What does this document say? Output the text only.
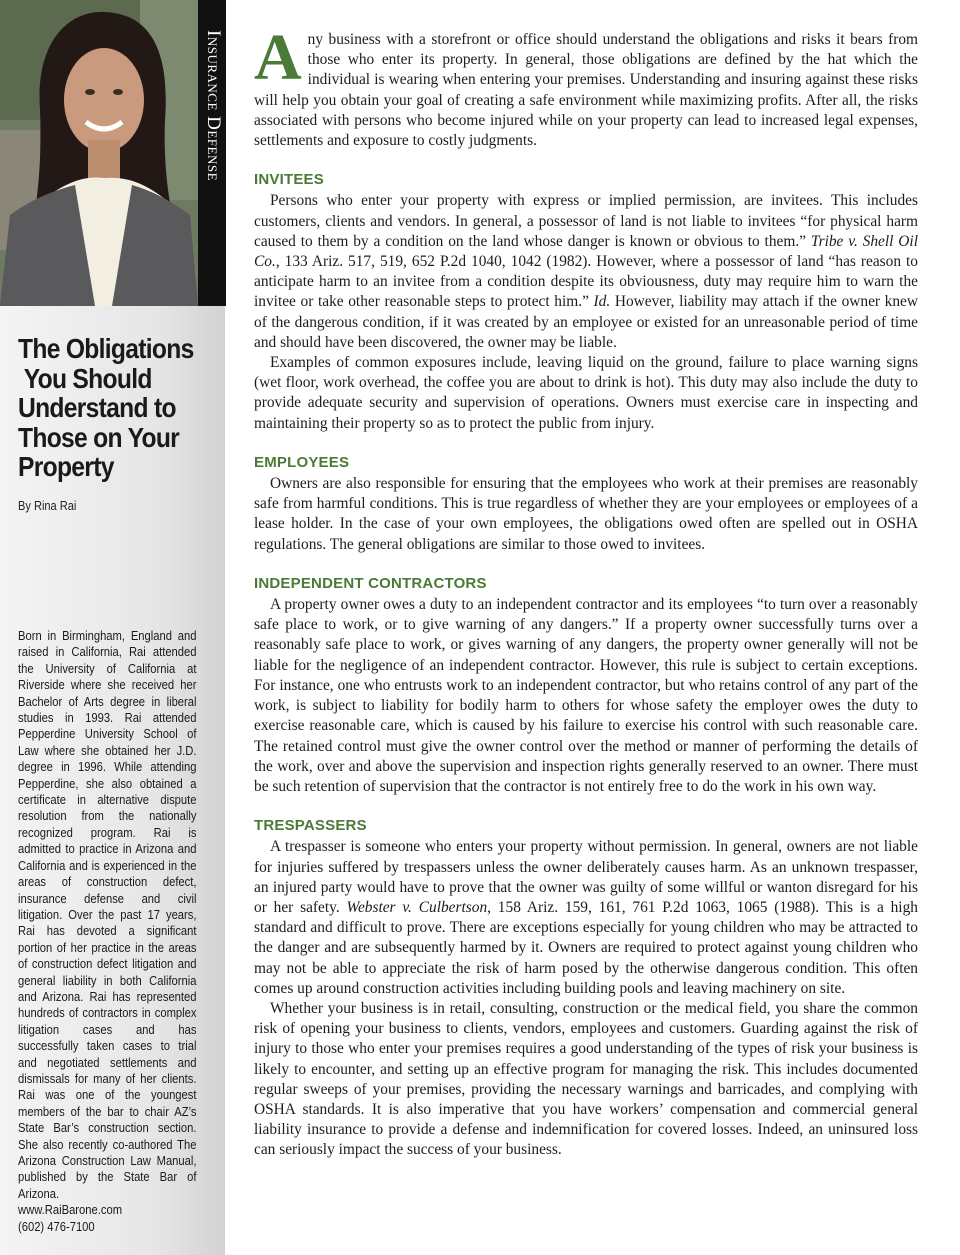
Insurance Defense
The Obligations
You Should
Understand to
Those on Your
Property
By Rina Rai
Born in Birmingham, England and raised in California, Rai attended the University of California at Riverside where she received her Bachelor of Arts degree in liberal studies in 1993. Rai attended Pepperdine University School of Law where she obtained her J.D. degree in 1996. While attending Pepperdine, she also obtained a certificate in alternative dispute resolution from the nationally recognized program. Rai is admitted to practice in Arizona and California and is experienced in the areas of construction defect, insurance defense and civil litigation. Over the past 17 years, Rai has devoted a significant portion of her practice in the areas of construction defect litigation and general liability in both California and Arizona. Rai has represented hundreds of contractors in complex litigation cases and has successfully taken cases to trial and negotiated settlements and dismissals for many of her clients. Rai was one of the youngest members of the bar to chair AZ’s State Bar’s construction section. She also recently co-authored The Arizona Construction Law Manual, published by the State Bar of Arizona.
www.RaiBarone.com
(602) 476-7100

Any business with a storefront or office should understand the obligations and risks it bears from those who enter its property. In general, those obligations are defined by the hat which the individual is wearing when entering your premises. Understanding and insuring against these risks will help you obtain your goal of creating a safe environment while maximizing profits. After all, the risks associated with persons who become injured while on your property can lead to increased legal expenses, settlements and exposure to costly judgments.

INVITEES

Persons who enter your property with express or implied permission, are invitees. This includes customers, clients and vendors. In general, a possessor of land is not liable to invitees “for physical harm caused to them by a condition on the land whose danger is known or obvious to them.” Tribe v. Shell Oil Co., 133 Ariz. 517, 519, 652 P.2d 1040, 1042 (1982). However, where a possessor of land “has reason to anticipate harm to an invitee from a condition despite its obviousness, duty may require him to warn the invitee or take other reasonable steps to protect him.” Id. However, liability may attach if the owner knew of the dangerous condition, if it was created by an employee or existed for an unreasonable period of time and should have been discovered, the owner may be liable.

Examples of common exposures include, leaving liquid on the ground, failure to place warning signs (wet floor, work overhead, the coffee you are about to drink is hot). This duty may also include the duty to provide adequate security and supervision of operations. Owners must exercise care in inspecting and maintaining their property so as to protect the public from injury.

EMPLOYEES

Owners are also responsible for ensuring that the employees who work at their premises are reasonably safe from harmful conditions. This is true regardless of whether they are your employees or employees of a lease holder. In the case of your own employees, the obligations owed often are spelled out in OSHA regulations. The general obligations are similar to those owed to invitees.

INDEPENDENT CONTRACTORS

A property owner owes a duty to an independent contractor and its employees “to turn over a reasonably safe place to work, or to give warning of any dangers.” If a property owner successfully turns over a reasonably safe place to work, or gives warning of any dangers, the property owner generally will not be liable for the negligence of an independent contractor. However, this rule is subject to certain exceptions. For instance, one who entrusts work to an independent contractor, but who retains control of any part of the work, is subject to liability for bodily harm to others for whose safety the employer owes the duty to exercise reasonable care, which is caused by his failure to exercise his control with such reasonable care. The retained control must give the owner control over the method or manner of performing the details of the work, over and above the supervision and inspection rights generally reserved to an owner. There must be such retention of supervision that the contractor is not entirely free to do the work in his own way.

TRESPASSERS

A trespasser is someone who enters your property without permission. In general, owners are not liable for injuries suffered by trespassers unless the owner deliberately causes harm. As an unknown trespasser, an injured party would have to prove that the owner was guilty of some willful or wanton disregard for his or her safety. Webster v. Culbertson, 158 Ariz. 159, 161, 761 P.2d 1063, 1065 (1988). This is a high standard and difficult to prove. There are exceptions especially for young children who may be attracted to the danger and are subsequently harmed by it. Owners are required to protect against young children who may not be able to appreciate the risk of harm posed by the otherwise dangerous condition. This often comes up around construction activities including building pools and leaving machinery on site.

Whether your business is in retail, consulting, construction or the medical field, you share the common risk of opening your business to clients, vendors, employees and customers. Guarding against the risk of injury to those who enter your premises requires a good understanding of the types of risk your business is likely to encounter, and setting up an effective program for managing the risk. This includes documented regular sweeps of your premises, providing the necessary warnings and barricades, and complying with OSHA standards. It is also imperative that you have workers’ compensation and commercial general liability insurance to provide a defense and indemnification for covered losses. Indeed, an uninsured loss can seriously impact the success of your business.
